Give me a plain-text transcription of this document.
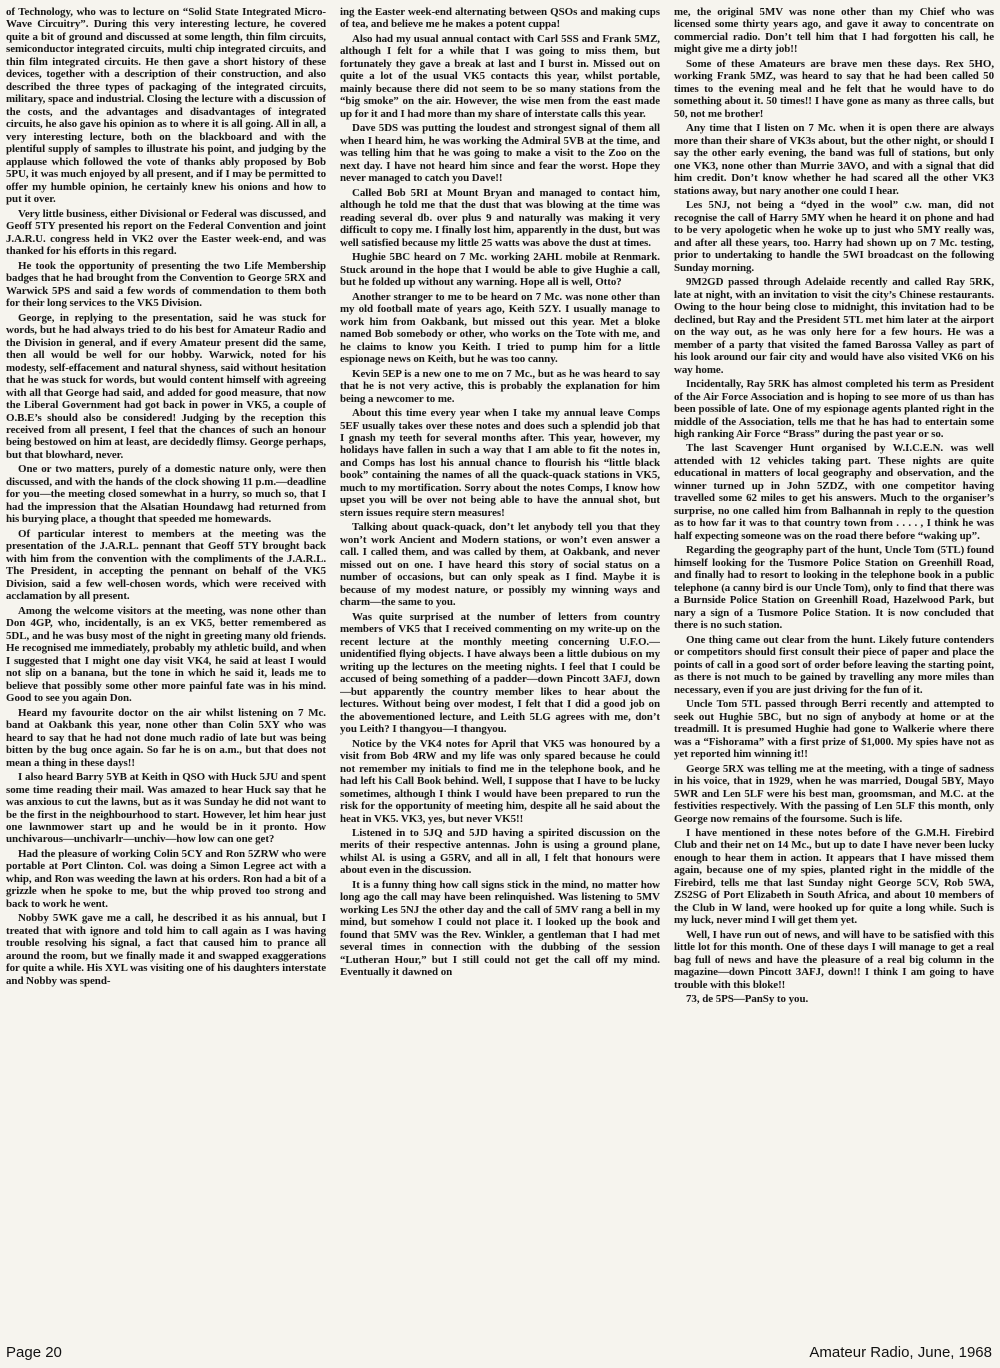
of Technology, who was to lecture on “Solid State Integrated Micro-Wave Circuitry”. During this very interesting lecture, he covered quite a bit of ground and discussed at some length, thin film circuits, semiconductor integrated circuits, multi chip integrated circuits, and thin film integrated circuits. He then gave a short history of these devices, together with a description of their construction, and also described the three types of packaging of the integrated circuits, military, space and industrial. Closing the lecture with a discussion of the costs, and the advantages and disadvantages of integrated circuits, he also gave his opinion as to where it is all going. All in all, a very interesting lecture, both on the blackboard and with the plentiful supply of samples to illustrate his point, and judging by the applause which followed the vote of thanks ably proposed by Bob 5PU, it was much enjoyed by all present, and if I may be permitted to offer my humble opinion, he certainly knew his onions and how to put it over.

Very little business, either Divisional or Federal was discussed, and Geoff 5TY presented his report on the Federal Convention and joint J.A.R.U. congress held in VK2 over the Easter week-end, and was thanked for his efforts in this regard.

He took the opportunity of presenting the two Life Membership badges that he had brought from the Convention to George 5RX and Warwick 5PS and said a few words of commendation to them both for their long services to the VK5 Division.

George, in replying to the presentation, said he was stuck for words, but he had always tried to do his best for Amateur Radio and the Division in general, and if every Amateur present did the same, then all would be well for our hobby. Warwick, noted for his modesty, self-effacement and natural shyness, said without hesitation that he was stuck for words, but would content himself with agreeing with all that George had said, and added for good measure, that now the Liberal Government had got back in power in VK5, a couple of O.B.E’s should also be considered! Judging by the reception this received from all present, I feel that the chances of such an honour being bestowed on him at least, are decidedly flimsy. George perhaps, but that blowhard, never.

One or two matters, purely of a domestic nature only, were then discussed, and with the hands of the clock showing 11 p.m.—deadline for you—the meeting closed somewhat in a hurry, so much so, that I had the impression that the Alsatian Houndawg had returned from his burying place, a thought that speeded me homewards.

Of particular interest to members at the meeting was the presentation of the J.A.R.L. pennant that Geoff 5TY brought back with him from the convention with the compliments of the J.A.R.L. The President, in accepting the pennant on behalf of the VK5 Division, said a few well-chosen words, which were received with acclamation by all present.

Among the welcome visitors at the meeting, was none other than Don 4GP, who, incidentally, is an ex VK5, better remembered as 5DL, and he was busy most of the night in greeting many old friends. He recognised me immediately, probably my athletic build, and when I suggested that I might one day visit VK4, he said at least I would not slip on a banana, but the tone in which he said it, leads me to believe that possibly some other more painful fate was in his mind. Good to see you again Don.

Heard my favourite doctor on the air whilst listening on 7 Mc. band at Oakbank this year, none other than Colin 5XY who was heard to say that he had not done much radio of late but was being bitten by the bug once again. So far he is on a.m., but that does not mean a thing in these days!!

I also heard Barry 5YB at Keith in QSO with Huck 5JU and spent some time reading their mail. Was amazed to hear Huck say that he was anxious to cut the lawns, but as it was Sunday he did not want to be the first in the neighbourhood to start. However, let him hear just one lawnmower start up and he would be in it pronto. How unchivarous—unchivarlr—unchiv—how low can one get?

Had the pleasure of working Colin 5CY and Ron 5ZRW who were portable at Port Clinton. Col. was doing a Simon Legree act with a whip, and Ron was weeding the lawn at his orders. Ron had a bit of a grizzle when he spoke to me, but the whip proved too strong and back to work he went.

Nobby 5WK gave me a call, he described it as his annual, but I treated that with ignore and told him to call again as I was having trouble resolving his signal, a fact that caused him to prance all around the room, but we finally made it and swapped exaggerations for quite a while. His XYL was visiting one of his daughters interstate and Nobby was spend-

ing the Easter week-end alternating between QSOs and making cups of tea, and believe me he makes a potent cuppa!

Also had my usual annual contact with Carl 5SS and Frank 5MZ, although I felt for a while that I was going to miss them, but fortunately they gave a break at last and I burst in. Missed out on quite a lot of the usual VK5 contacts this year, whilst portable, mainly because there did not seem to be so many stations from the “big smoke” on the air. However, the wise men from the east made up for it and I had more than my share of interstate calls this year.

Dave 5DS was putting the loudest and strongest signal of them all when I heard him, he was working the Admiral 5VB at the time, and was telling him that he was going to make a visit to the Zoo on the next day. I have not heard him since and fear the worst. Hope they never managed to catch you Dave!!

Called Bob 5RI at Mount Bryan and managed to contact him, although he told me that the dust that was blowing at the time was reading several db. over plus 9 and naturally was making it very difficult to copy me. I finally lost him, apparently in the dust, but was well satisfied because my little 25 watts was above the dust at times.

Hughie 5BC heard on 7 Mc. working 2AHL mobile at Renmark. Stuck around in the hope that I would be able to give Hughie a call, but he folded up without any warning. Hope all is well, Otto?

Another stranger to me to be heard on 7 Mc. was none other than my old football mate of years ago, Keith 5ZY. I usually manage to work him from Oakbank, but missed out this year. Met a bloke named Bob somebody or other, who works on the Tote with me, and he claims to know you Keith. I tried to pump him for a little espionage news on Keith, but he was too canny.

Kevin 5EP is a new one to me on 7 Mc., but as he was heard to say that he is not very active, this is probably the explanation for him being a newcomer to me.

About this time every year when I take my annual leave Comps 5EF usually takes over these notes and does such a splendid job that I gnash my teeth for several months after. This year, however, my holidays have fallen in such a way that I am able to fit the notes in, and Comps has lost his annual chance to flourish his “little black book” containing the names of all the quack-quack stations in VK5, much to my mortification. Sorry about the notes Comps, I know how upset you will be over not being able to have the annual shot, but stern issues require stern measures!

Talking about quack-quack, don’t let anybody tell you that they won’t work Ancient and Modern stations, or won’t even answer a call. I called them, and was called by them, at Oakbank, and never missed out on one. I have heard this story of social status on a number of occasions, but can only speak as I find. Maybe it is because of my modest nature, or possibly my winning ways and charm—the same to you.

Was quite surprised at the number of letters from country members of VK5 that I received commenting on my write-up on the recent lecture at the monthly meeting concerning U.F.O.—unidentified flying objects. I have always been a little dubious on my writing up the lectures on the meeting nights. I feel that I could be accused of being something of a padder—down Pincott 3AFJ, down—but apparently the country member likes to hear about the lectures. Without being over modest, I felt that I did a good job on the abovementioned lecture, and Leith 5LG agrees with me, don’t you Leith? I thangyou—I thangyou.

Notice by the VK4 notes for April that VK5 was honoured by a visit from Bob 4RW and my life was only spared because he could not remember my initials to find me in the telephone book, and he had left his Call Book behind. Well, I suppose that I have to be lucky sometimes, although I think I would have been prepared to run the risk for the opportunity of meeting him, despite all he said about the heat in VK5. VK3, yes, but never VK5!!

Listened in to 5JQ and 5JD having a spirited discussion on the merits of their respective antennas. John is using a ground plane, whilst Al. is using a G5RV, and all in all, I felt that honours were about even in the discussion.

It is a funny thing how call signs stick in the mind, no matter how long ago the call may have been relinquished. Was listening to 5MV working Les 5NJ the other day and the call of 5MV rang a bell in my mind, but somehow I could not place it. I looked up the book and found that 5MV was the Rev. Winkler, a gentleman that I had met several times in connection with the dubbing of the session “Lutheran Hour,” but I still could not get the call off my mind. Eventually it dawned on

me, the original 5MV was none other than my Chief who was licensed some thirty years ago, and gave it away to concentrate on commercial radio. Don’t tell him that I had forgotten his call, he might give me a dirty job!!

Some of these Amateurs are brave men these days. Rex 5HO, working Frank 5MZ, was heard to say that he had been called 50 times to the evening meal and he felt that he would have to do something about it. 50 times!! I have gone as many as three calls, but 50, not me brother!

Any time that I listen on 7 Mc. when it is open there are always more than their share of VK3s about, but the other night, or should I say the other early evening, the band was full of stations, but only one VK3, none other than Murrie 3AVO, and with a signal that did him credit. Don’t know whether he had scared all the other VK3 stations away, but nary another one could I hear.

Les 5NJ, not being a “dyed in the wool” c.w. man, did not recognise the call of Harry 5MY when he heard it on phone and had to be very apologetic when he woke up to just who 5MY really was, and after all these years, too. Harry had shown up on 7 Mc. testing, prior to undertaking to handle the 5WI broadcast on the following Sunday morning.

9M2GD passed through Adelaide recently and called Ray 5RK, late at night, with an invitation to visit the city’s Chinese restaurants. Owing to the hour being close to midnight, this invitation had to be declined, but Ray and the President 5TL met him later at the airport on the way out, as he was only here for a few hours. He was a member of a party that visited the famed Barossa Valley as part of his look around our fair city and would have also visited VK6 on his way home.

Incidentally, Ray 5RK has almost completed his term as President of the Air Force Association and is hoping to see more of us than has been possible of late. One of my espionage agents planted right in the middle of the Association, tells me that he has had to entertain some high ranking Air Force “Brass” during the past year or so.

The last Scavenger Hunt organised by W.I.C.E.N. was well attended with 12 vehicles taking part. These nights are quite educational in matters of local geography and observation, and the winner turned up in John 5ZDZ, with one competitor having travelled some 62 miles to get his answers. Much to the organiser’s surprise, no one called him from Balhannah in reply to the question as to how far it was to that country town from . . . . , I think he was half expecting someone was on the road there before “waking up”.

Regarding the geography part of the hunt, Uncle Tom (5TL) found himself looking for the Tusmore Police Station on Greenhill Road, and finally had to resort to looking in the telephone book in a public telephone (a canny bird is our Uncle Tom), only to find that there was a Burnside Police Station on Greenhill Road, Hazelwood Park, but nary a sign of a Tusmore Police Station. It is now concluded that there is no such station.

One thing came out clear from the hunt. Likely future contenders or competitors should first consult their piece of paper and place the points of call in a good sort of order before leaving the starting point, as there is not much to be gained by travelling any more miles than necessary, even if you are just driving for the fun of it.

Uncle Tom 5TL passed through Berri recently and attempted to seek out Hughie 5BC, but no sign of anybody at home or at the treadmill. It is presumed Hughie had gone to Walkerie where there was a “Fishorama” with a first prize of $1,000. My spies have not as yet reported him winning it!!

George 5RX was telling me at the meeting, with a tinge of sadness in his voice, that in 1929, when he was married, Dougal 5BY, Mayo 5WR and Len 5LF were his best man, groomsman, and M.C. at the festivities respectively. With the passing of Len 5LF this month, only George now remains of the foursome. Such is life.

I have mentioned in these notes before of the G.M.H. Firebird Club and their net on 14 Mc., but up to date I have never been lucky enough to hear them in action. It appears that I have missed them again, because one of my spies, planted right in the middle of the Firebird, tells me that last Sunday night George 5CV, Rob 5WA, ZS2SG of Port Elizabeth in South Africa, and about 10 members of the Club in W land, were hooked up for quite a long while. Such is my luck, never mind I will get them yet.

Well, I have run out of news, and will have to be satisfied with this little lot for this month. One of these days I will manage to get a real bag full of news and have the pleasure of a real big column in the magazine—down Pincott 3AFJ, down!! I think I am going to have trouble with this bloke!!

73, de 5PS—PanSy to you.

Page 20	Amateur Radio, June, 1968
